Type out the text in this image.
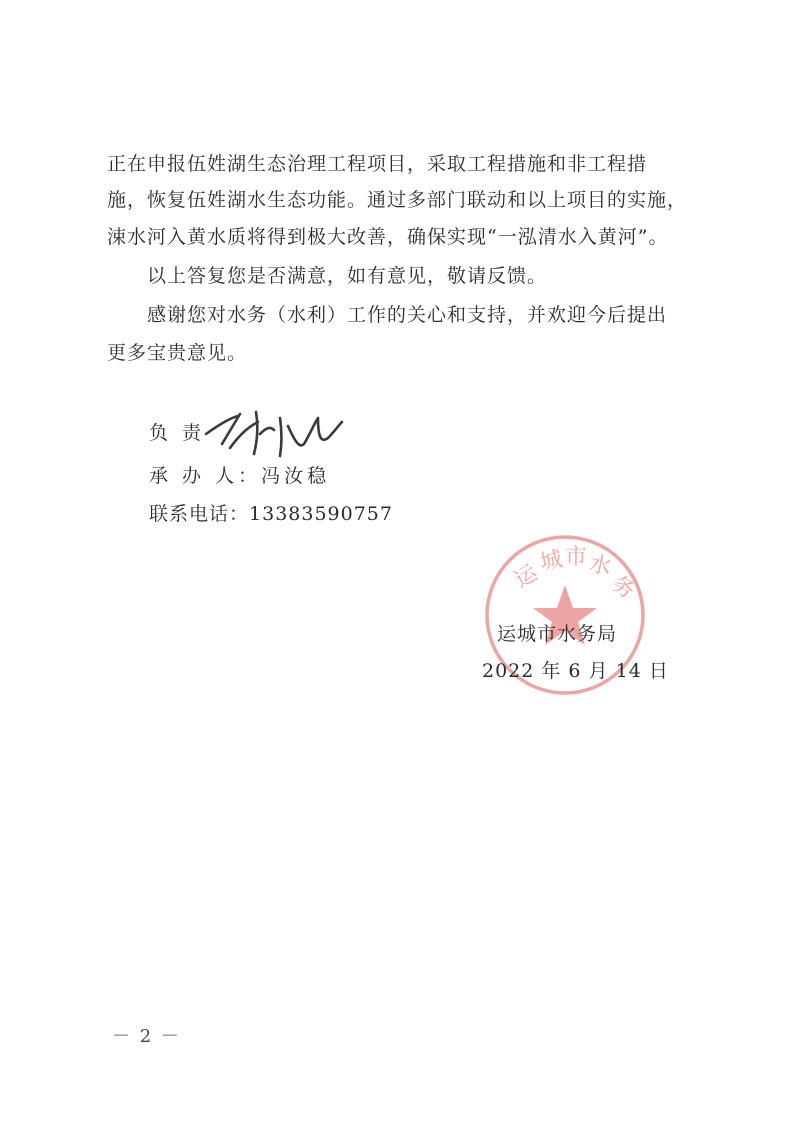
正在申报伍姓湖生态治理工程项目，采取工程措施和非工程措
施，恢复伍姓湖水生态功能。通过多部门联动和以上项目的实施，
涑水河入黄水质将得到极大改善，确保实现“一泓清水入黄河”。
以上答复您是否满意，如有意见，敬请反馈。
感谢您对水务（水利）工作的关心和支持，并欢迎今后提出
更多宝贵意见。
负 责
承 办 人：冯汝稳
联系电话：13383590757
运
城 市 水
务
运城市水务局
2022 年 6 月 14 日
－ 2 －
